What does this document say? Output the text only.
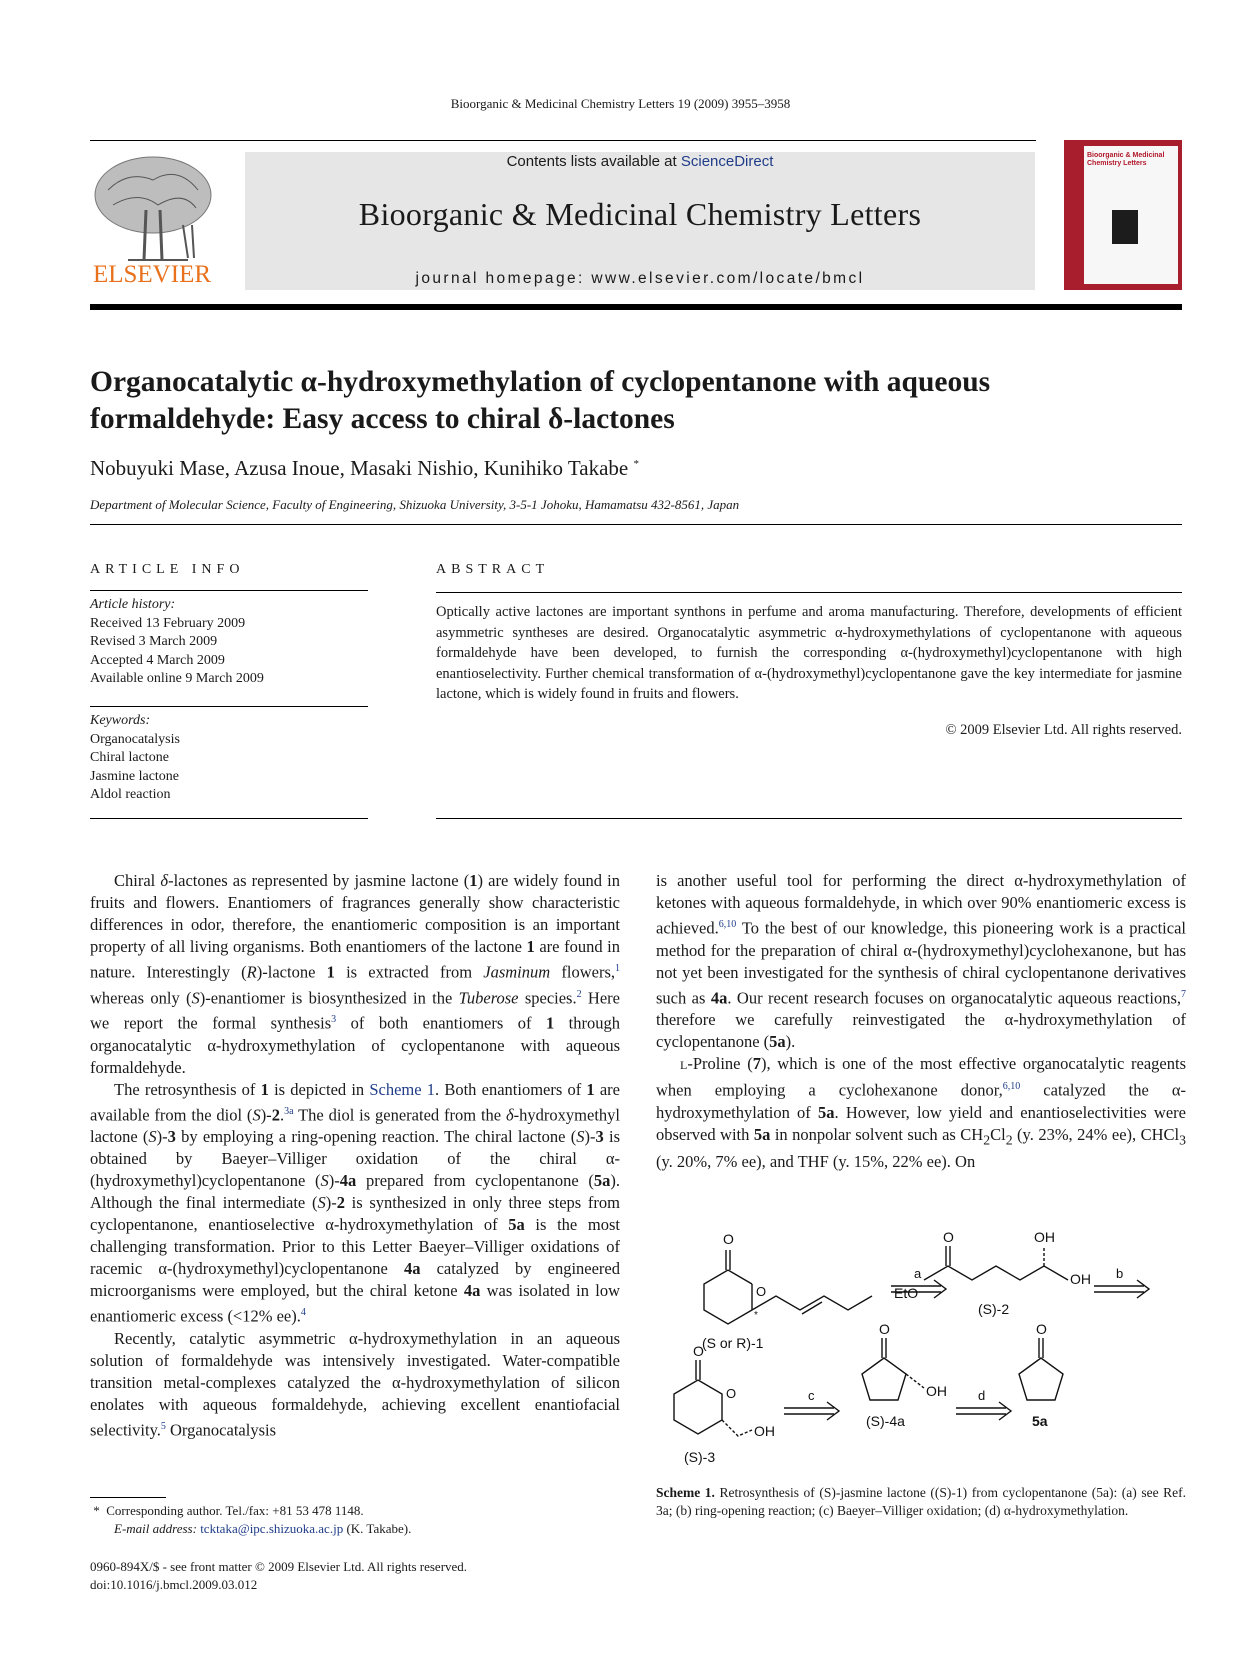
Bioorganic & Medicinal Chemistry Letters 19 (2009) 3955–3958
ELSEVIER
Contents lists available at ScienceDirect
Bioorganic & Medicinal Chemistry Letters
journal homepage: www.elsevier.com/locate/bmcl
Bioorganic & Medicinal Chemistry Letters
Organocatalytic α-hydroxymethylation of cyclopentanone with aqueous formaldehyde: Easy access to chiral δ-lactones
Nobuyuki Mase, Azusa Inoue, Masaki Nishio, Kunihiko Takabe *
Department of Molecular Science, Faculty of Engineering, Shizuoka University, 3-5-1 Johoku, Hamamatsu 432-8561, Japan
ARTICLE INFO
Article history:
Received 13 February 2009
Revised 3 March 2009
Accepted 4 March 2009
Available online 9 March 2009
Keywords:
Organocatalysis
Chiral lactone
Jasmine lactone
Aldol reaction
ABSTRACT
Optically active lactones are important synthons in perfume and aroma manufacturing. Therefore, developments of efficient asymmetric syntheses are desired. Organocatalytic asymmetric α-hydroxymethylations of cyclopentanone with aqueous formaldehyde have been developed, to furnish the corresponding α-(hydroxymethyl)cyclopentanone with high enantioselectivity. Further chemical transformation of α-(hydroxymethyl)cyclopentanone gave the key intermediate for jasmine lactone, which is widely found in fruits and flowers.
© 2009 Elsevier Ltd. All rights reserved.

Chiral δ-lactones as represented by jasmine lactone (1) are widely found in fruits and flowers. Enantiomers of fragrances generally show characteristic differences in odor, therefore, the enantiomeric composition is an important property of all living organisms. Both enantiomers of the lactone 1 are found in nature. Interestingly (R)-lactone 1 is extracted from Jasminum flowers,$^1$ whereas only (S)-enantiomer is biosynthesized in the Tuberose species.$^2$ Here we report the formal synthesis$^3$ of both enantiomers of 1 through organocatalytic α-hydroxymethylation of cyclopentanone with aqueous formaldehyde.

The retrosynthesis of 1 is depicted in Scheme 1. Both enantiomers of 1 are available from the diol (S)-2.$^{3a}$ The diol is generated from the δ-hydroxymethyl lactone (S)-3 by employing a ring-opening reaction. The chiral lactone (S)-3 is obtained by Baeyer–Villiger oxidation of the chiral α-(hydroxymethyl)cyclopentanone (S)-4a prepared from cyclopentanone (5a). Although the final intermediate (S)-2 is synthesized in only three steps from cyclopentanone, enantioselective α-hydroxymethylation of 5a is the most challenging transformation. Prior to this Letter Baeyer–Villiger oxidations of racemic α-(hydroxymethyl)cyclopentanone 4a catalyzed by engineered microorganisms were employed, but the chiral ketone 4a was isolated in low enantiomeric excess (<12% ee).$^4$

Recently, catalytic asymmetric α-hydroxymethylation in an aqueous solution of formaldehyde was intensively investigated. Water-compatible transition metal-complexes catalyzed the α-hydroxymethylation of silicon enolates with aqueous formaldehyde, achieving excellent enantiofacial selectivity.$^5$ Organocatalysis

is another useful tool for performing the direct α-hydroxymethylation of ketones with aqueous formaldehyde, in which over 90% enantiomeric excess is achieved.$^{6,10}$ To the best of our knowledge, this pioneering work is a practical method for the preparation of chiral α-(hydroxymethyl)cyclohexanone, but has not yet been investigated for the synthesis of chiral cyclopentanone derivatives such as 4a. Our recent research focuses on organocatalytic aqueous reactions,$^7$ therefore we carefully reinvestigated the α-hydroxymethylation of cyclopentanone (5a).

L-Proline (7), which is one of the most effective organocatalytic reagents when employing a cyclohexanone donor,$^{6,10}$ catalyzed the α-hydroxymethylation of 5a. However, low yield and enantioselectivities were observed with 5a in nonpolar solvent such as $CH_2Cl_2$ (y. 23%, 24% ee), CHCl$_3$ (y. 20%, 7% ee), and THF (y. 15%, 22% ee). On

O
O
*
(S or R)-1
a
O
EtO
OH
OH
(S)-2
b
O
O
OH
(S)-3
c
O
OH
(S)-4a
d
O
5a
Scheme 1. Retrosynthesis of (S)-jasmine lactone ((S)-1) from cyclopentanone (5a): (a) see Ref. 3a; (b) ring-opening reaction; (c) Baeyer–Villiger oxidation; (d) α-hydroxymethylation.
* Corresponding author. Tel./fax: +81 53 478 1148.
E-mail address: tcktaka@ipc.shizuoka.ac.jp (K. Takabe).
0960-894X/$ - see front matter © 2009 Elsevier Ltd. All rights reserved.
doi:10.1016/j.bmcl.2009.03.012
